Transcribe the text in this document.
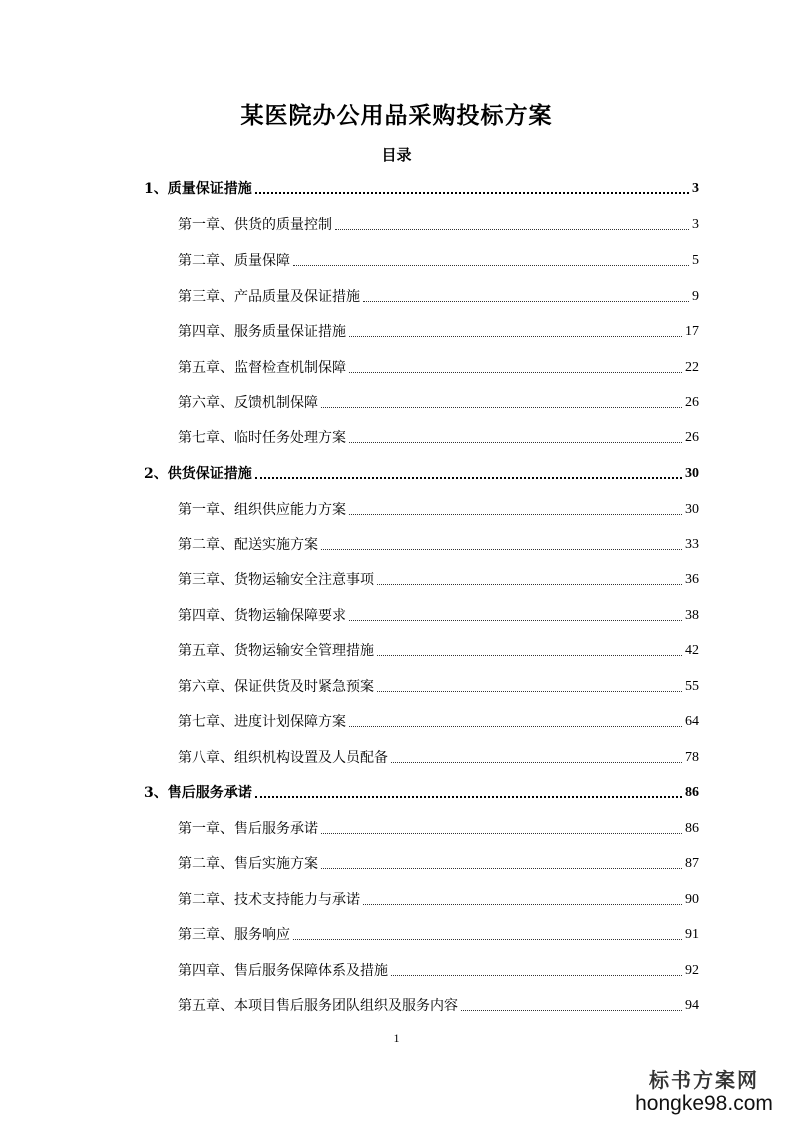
某医院办公用品采购投标方案
目录
1、质量保证措施	3
第一章、供货的质量控制	3
第二章、质量保障	5
第三章、产品质量及保证措施	9
第四章、服务质量保证措施	17
第五章、监督检查机制保障	22
第六章、反馈机制保障	26
第七章、临时任务处理方案	26
2、供货保证措施	30
第一章、组织供应能力方案	30
第二章、配送实施方案	33
第三章、货物运输安全注意事项	36
第四章、货物运输保障要求	38
第五章、货物运输安全管理措施	42
第六章、保证供货及时紧急预案	55
第七章、进度计划保障方案	64
第八章、组织机构设置及人员配备	78
3、售后服务承诺	86
第一章、售后服务承诺	86
第二章、售后实施方案	87
第二章、技术支持能力与承诺	90
第三章、服务响应	91
第四章、售后服务保障体系及措施	92
第五章、本项目售后服务团队组织及服务内容	94
1
标书方案网
hongke98.com
